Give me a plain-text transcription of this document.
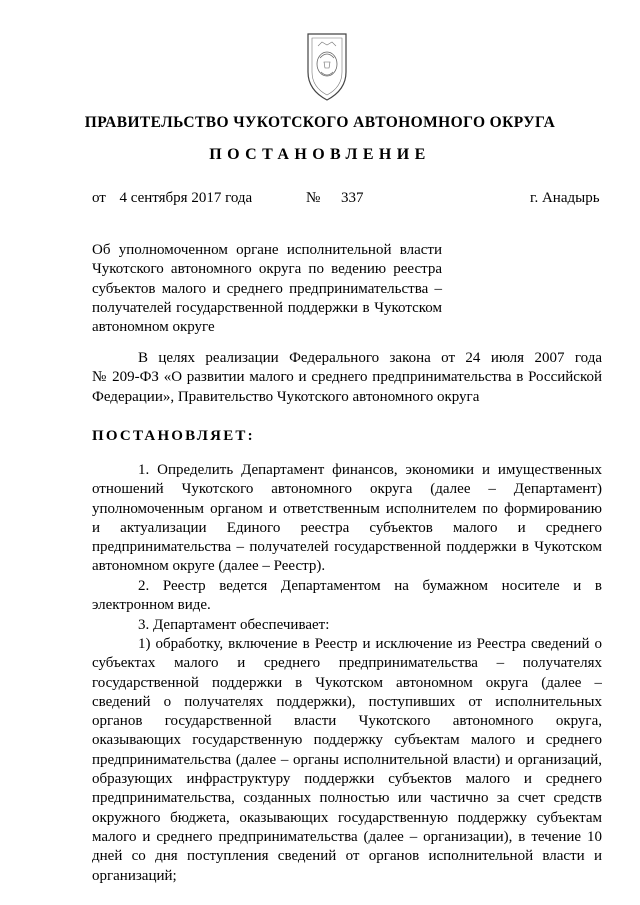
ПРАВИТЕЛЬСТВО ЧУКОТСКОГО АВТОНОМНОГО ОКРУГА
ПОСТАНОВЛЕНИЕ
от 4 сентября 2017 года	№	337	г. Анадырь
Об уполномоченном органе исполнительной власти
Чукотского автономного округа по ведению реестра
субъектов малого и среднего предпринимательства –
получателей государственной поддержки в Чукотском
автономном округе
В целях реализации Федерального закона от 24 июля 2007 года
№ 209-ФЗ «О развитии малого и среднего предпринимательства в Российской
Федерации», Правительство Чукотского автономного округа
ПОСТАНОВЛЯЕТ:
1. Определить Департамент финансов, экономики и имущественных
отношений Чукотского автономного округа (далее – Департамент)
уполномоченным органом и ответственным исполнителем по формированию
и актуализации Единого реестра субъектов малого и среднего
предпринимательства – получателей государственной поддержки в Чукотском
автономном округе (далее – Реестр).
2. Реестр ведется Департаментом на бумажном носителе и в
электронном виде.
3. Департамент обеспечивает:
1) обработку, включение в Реестр и исключение из Реестра сведений о
субъектах малого и среднего предпринимательства – получателях
государственной поддержки в Чукотском автономном округа (далее –
сведений о получателях поддержки), поступивших от исполнительных
органов государственной власти Чукотского автономного округа,
оказывающих государственную поддержку субъектам малого и среднего
предпринимательства (далее – органы исполнительной власти) и организаций,
образующих инфраструктуру поддержки субъектов малого и среднего
предпринимательства, созданных полностью или частично за счет средств
окружного бюджета, оказывающих государственную поддержку субъектам
малого и среднего предпринимательства (далее – организации), в течение 10
дней со дня поступления сведений от органов исполнительной власти и
организаций;
